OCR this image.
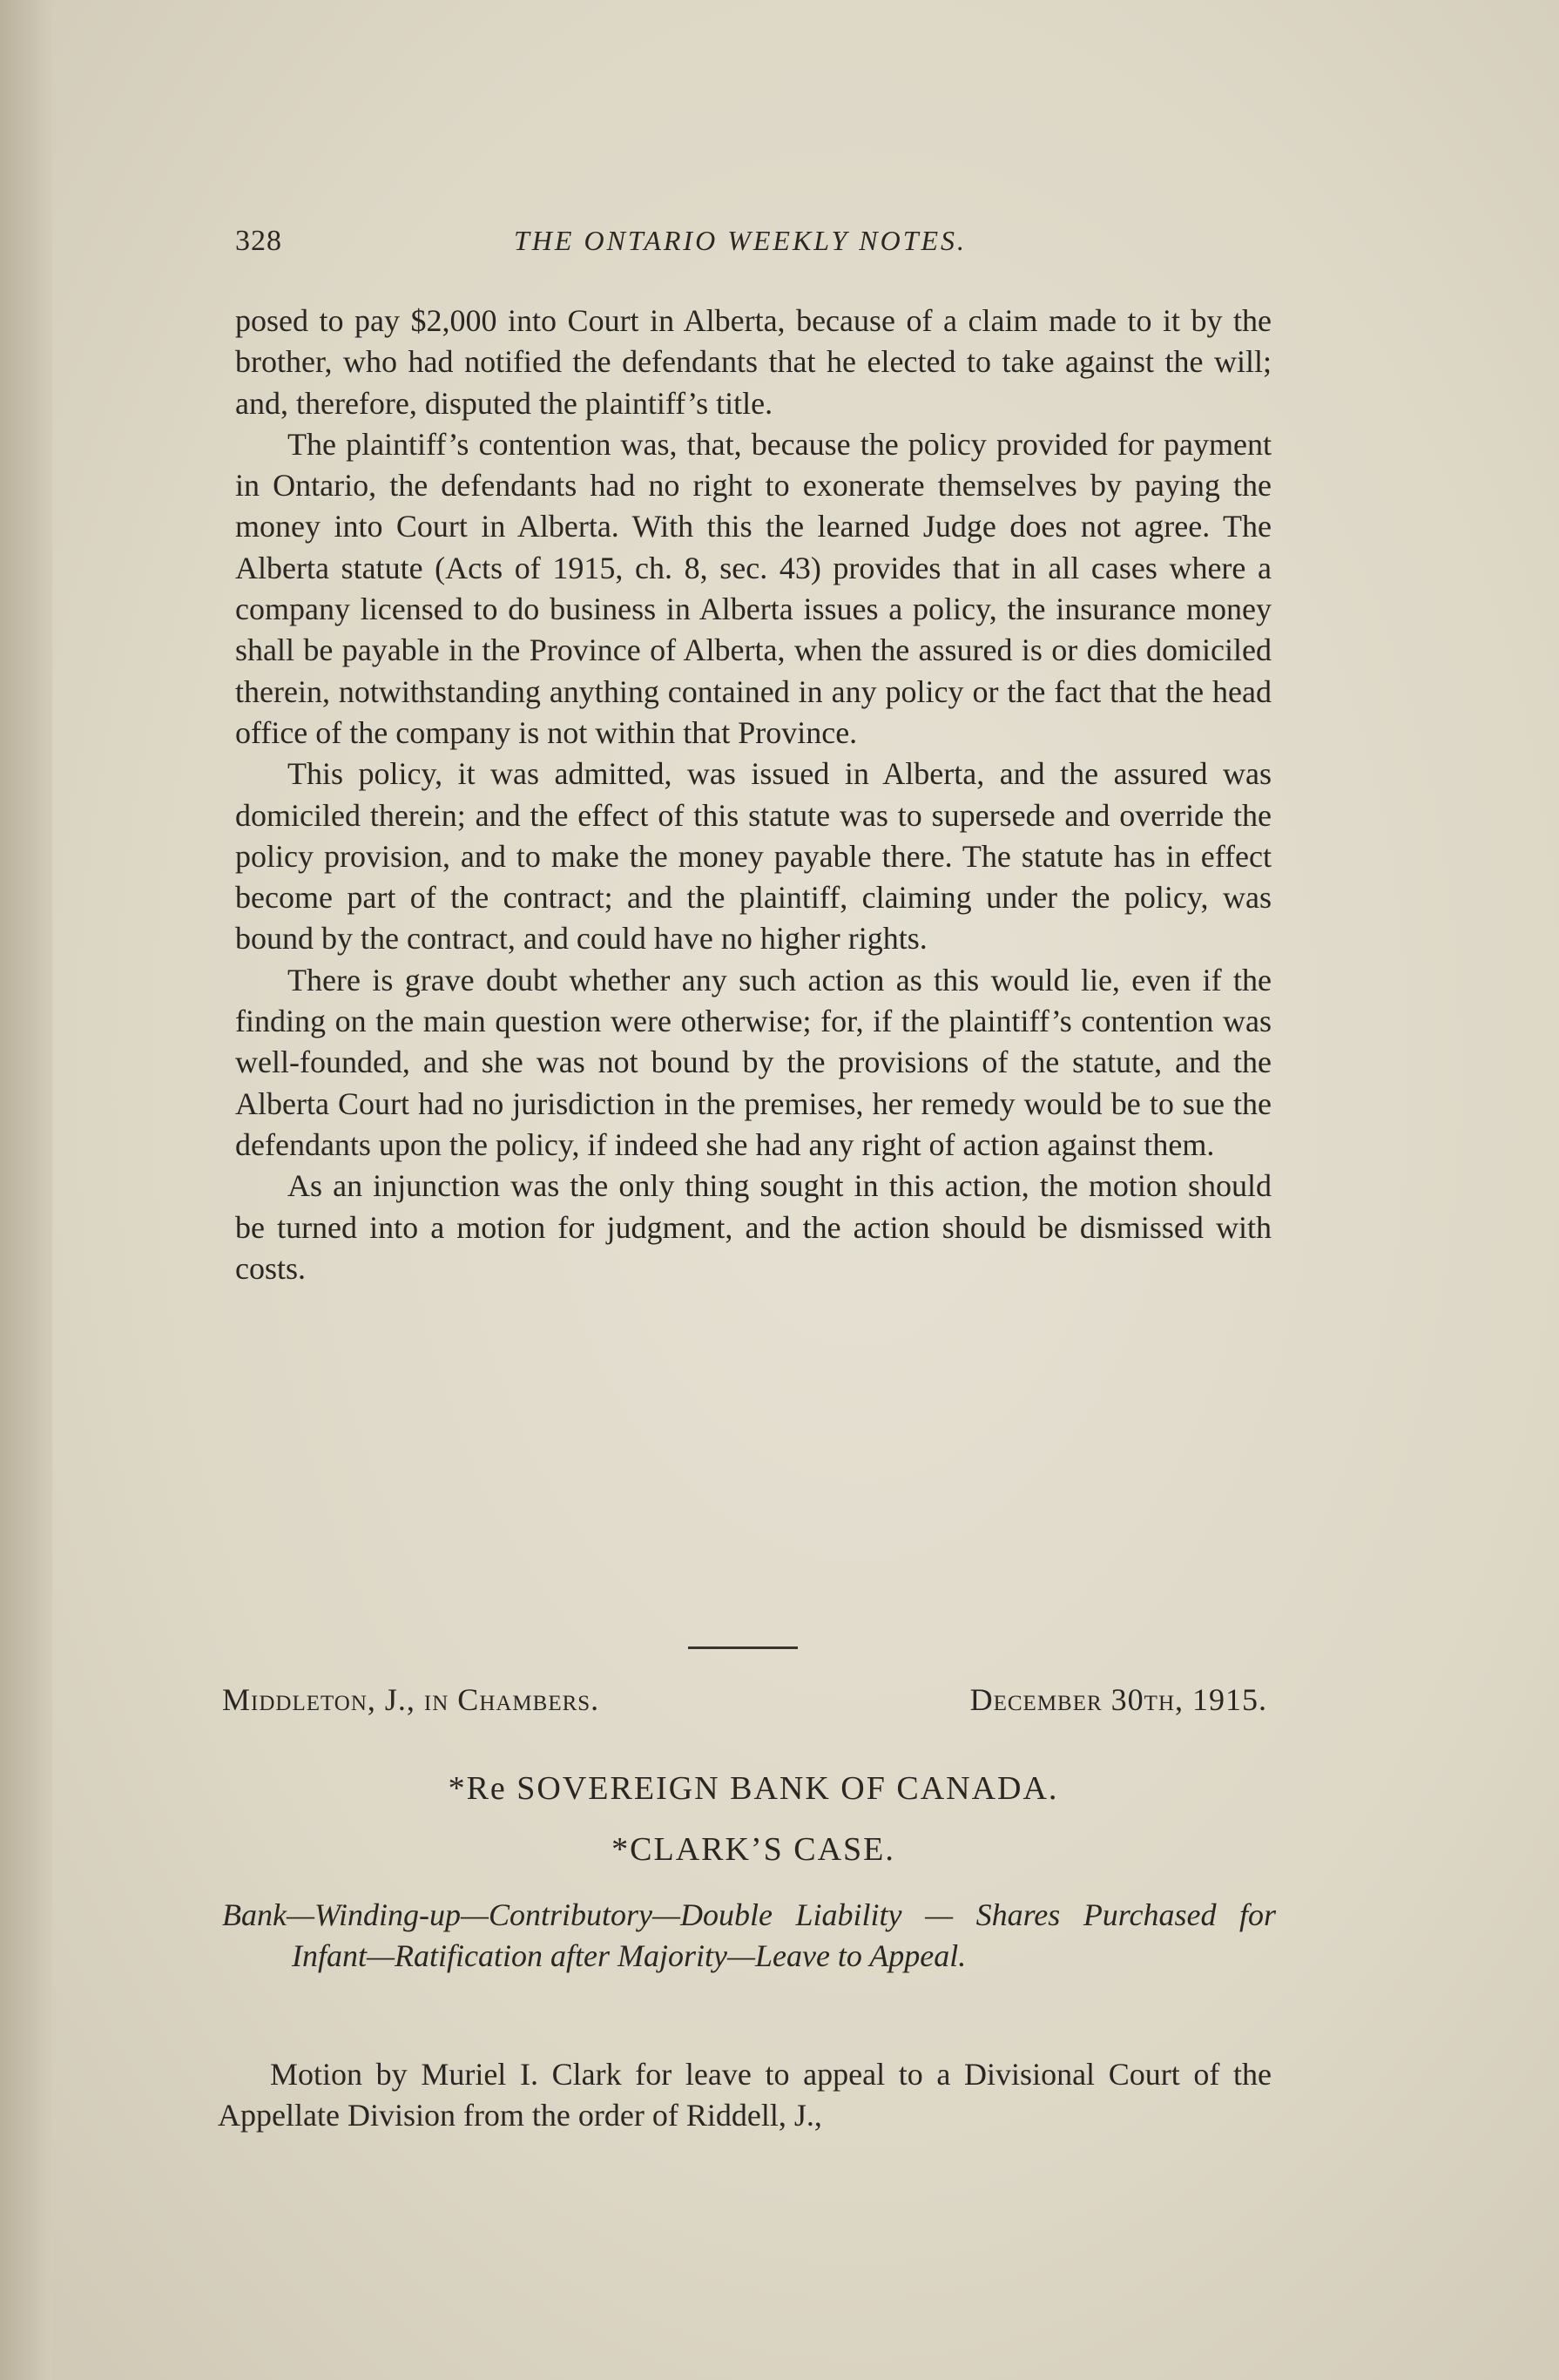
328	THE ONTARIO WEEKLY NOTES.

posed to pay $2,000 into Court in Alberta, because of a claim made to it by the brother, who had notified the defendants that he elected to take against the will; and, therefore, disputed the plaintiff’s title.

The plaintiff’s contention was, that, because the policy provided for payment in Ontario, the defendants had no right to exonerate themselves by paying the money into Court in Alberta. With this the learned Judge does not agree. The Alberta statute (Acts of 1915, ch. 8, sec. 43) provides that in all cases where a company licensed to do business in Alberta issues a policy, the insurance money shall be payable in the Province of Alberta, when the assured is or dies domiciled therein, notwithstanding anything contained in any policy or the fact that the head office of the company is not within that Province.

This policy, it was admitted, was issued in Alberta, and the assured was domiciled therein; and the effect of this statute was to supersede and override the policy provision, and to make the money payable there. The statute has in effect become part of the contract; and the plaintiff, claiming under the policy, was bound by the contract, and could have no higher rights.

There is grave doubt whether any such action as this would lie, even if the finding on the main question were otherwise; for, if the plaintiff’s contention was well-founded, and she was not bound by the provisions of the statute, and the Alberta Court had no jurisdiction in the premises, her remedy would be to sue the defendants upon the policy, if indeed she had any right of action against them.

As an injunction was the only thing sought in this action, the motion should be turned into a motion for judgment, and the action should be dismissed with costs.

Middleton, J., in Chambers.	December 30th, 1915.
*Re SOVEREIGN BANK OF CANADA.
*CLARK’S CASE.
Bank—Winding-up—Contributory—Double Liability — Shares Purchased for Infant—Ratification after Majority—Leave to Appeal.
Motion by Muriel I. Clark for leave to appeal to a Divisional Court of the Appellate Division from the order of Riddell, J.,
